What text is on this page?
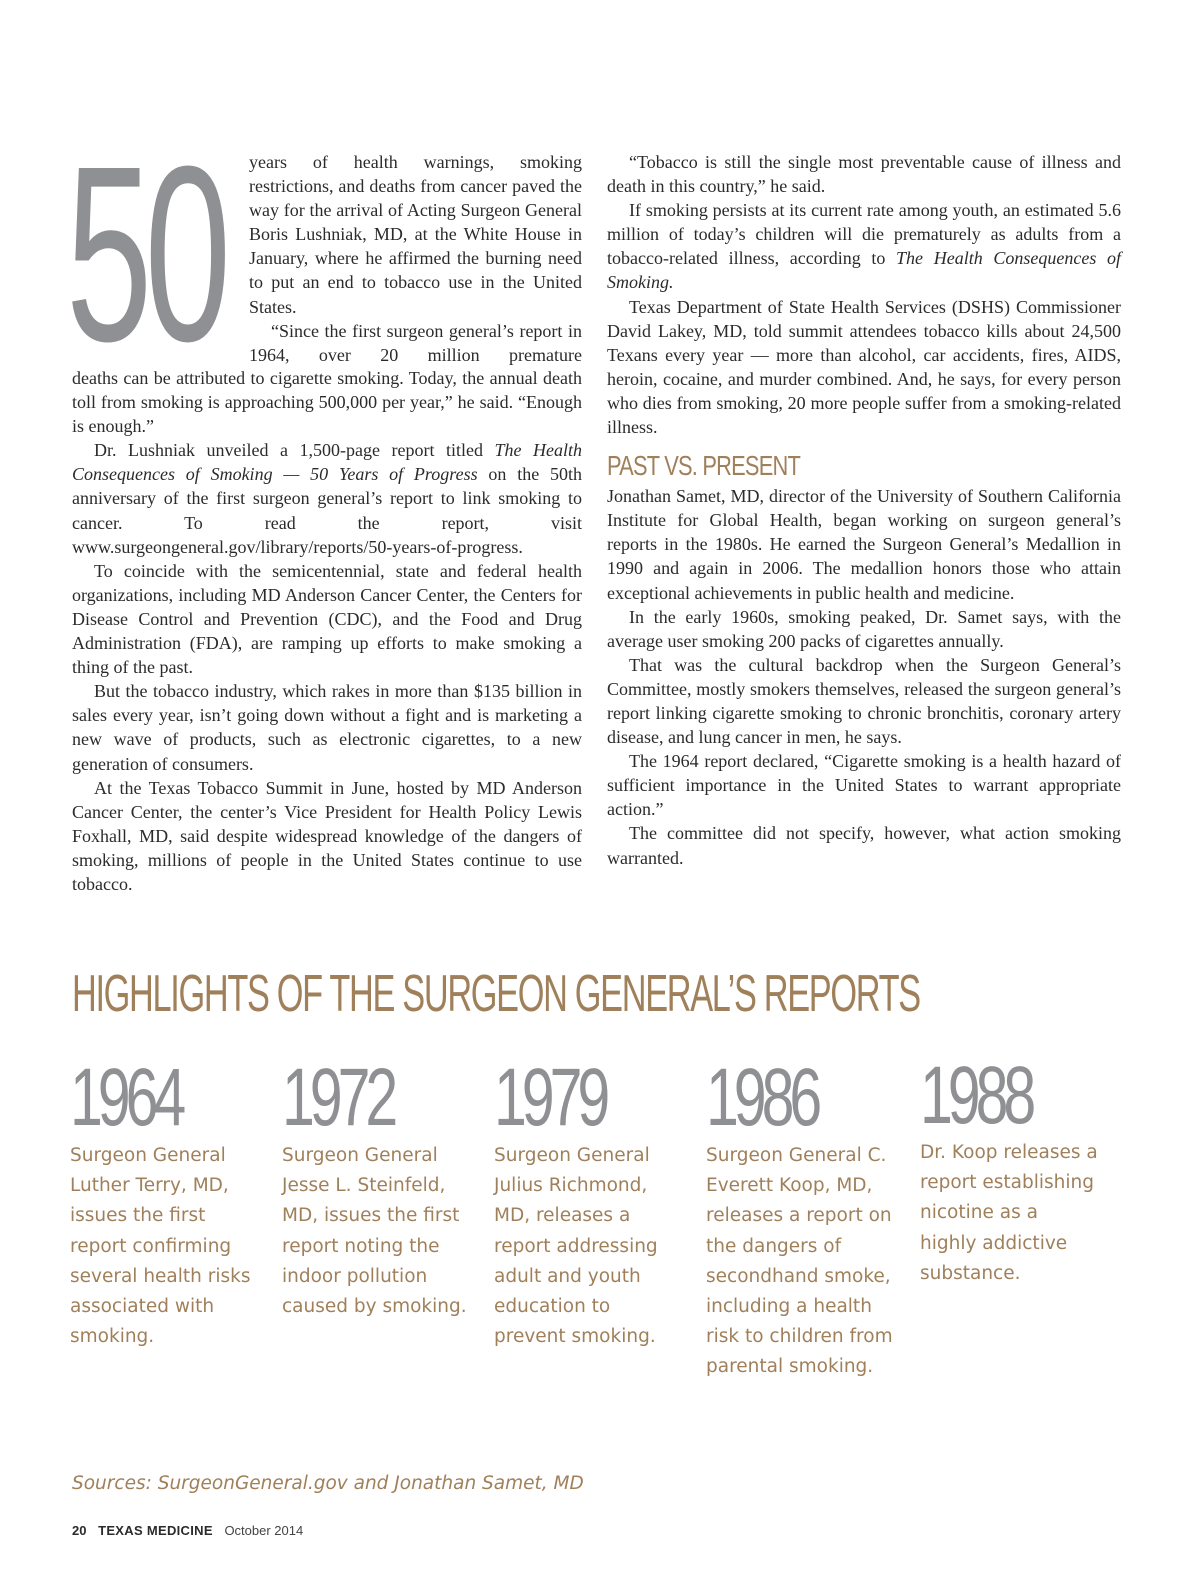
50 years of health warnings, smoking restrictions, and deaths from cancer paved the way for the arrival of Acting Surgeon General Boris Lushniak, MD, at the White House in January, where he affirmed the burning need to put an end to tobacco use in the United States.

“Since the first surgeon general’s report in 1964, over 20 million premature

deaths can be attributed to cigarette smoking. Today, the annual death toll from smoking is approaching 500,000 per year,” he said. “Enough is enough.”

Dr. Lushniak unveiled a 1,500-page report titled The Health Consequences of Smoking — 50 Years of Progress on the 50th anniversary of the first surgeon general’s report to link smoking to cancer. To read the report, visit www.surgeongeneral.gov/library/reports/50-years-of-progress.

To coincide with the semicentennial, state and federal health organizations, including MD Anderson Cancer Center, the Centers for Disease Control and Prevention (CDC), and the Food and Drug Administration (FDA), are ramping up efforts to make smoking a thing of the past.

But the tobacco industry, which rakes in more than $135 billion in sales every year, isn’t going down without a fight and is marketing a new wave of products, such as electronic cigarettes, to a new generation of consumers.

At the Texas Tobacco Summit in June, hosted by MD Anderson Cancer Center, the center’s Vice President for Health Policy Lewis Foxhall, MD, said despite widespread knowledge of the dangers of smoking, millions of people in the United States continue to use tobacco.

“Tobacco is still the single most preventable cause of illness and death in this country,” he said.

If smoking persists at its current rate among youth, an estimated 5.6 million of today’s children will die prematurely as adults from a tobacco-related illness, according to The Health Consequences of Smoking.

Texas Department of State Health Services (DSHS) Commissioner David Lakey, MD, told summit attendees tobacco kills about 24,500 Texans every year — more than alcohol, car accidents, fires, AIDS, heroin, cocaine, and murder combined. And, he says, for every person who dies from smoking, 20 more people suffer from a smoking-related illness.

PAST VS. PRESENT

Jonathan Samet, MD, director of the University of Southern California Institute for Global Health, began working on surgeon general’s reports in the 1980s. He earned the Surgeon General’s Medallion in 1990 and again in 2006. The medallion honors those who attain exceptional achievements in public health and medicine.

In the early 1960s, smoking peaked, Dr. Samet says, with the average user smoking 200 packs of cigarettes annually.

That was the cultural backdrop when the Surgeon General’s Committee, mostly smokers themselves, released the surgeon general’s report linking cigarette smoking to chronic bronchitis, coronary artery disease, and lung cancer in men, he says.

The 1964 report declared, “Cigarette smoking is a health hazard of sufficient importance in the United States to warrant appropriate action.”

The committee did not specify, however, what action smoking warranted.

HIGHLIGHTS OF THE SURGEON GENERAL’S REPORTS
1964
Surgeon General Luther Terry, MD, issues the first report confirming several health risks associated with smoking.
1972
Surgeon General Jesse L. Steinfeld, MD, issues the first report noting the indoor pollution caused by smoking.
1979
Surgeon General Julius Richmond, MD, releases a report addressing adult and youth education to prevent smoking.
1986
Surgeon General C. Everett Koop, MD, releases a report on the dangers of secondhand smoke, including a health risk to children from parental smoking.
1988
Dr. Koop releases a report establishing nicotine as a highly addictive substance.
Sources: SurgeonGeneral.gov and Jonathan Samet, MD
20 TEXAS MEDICINE October 2014
